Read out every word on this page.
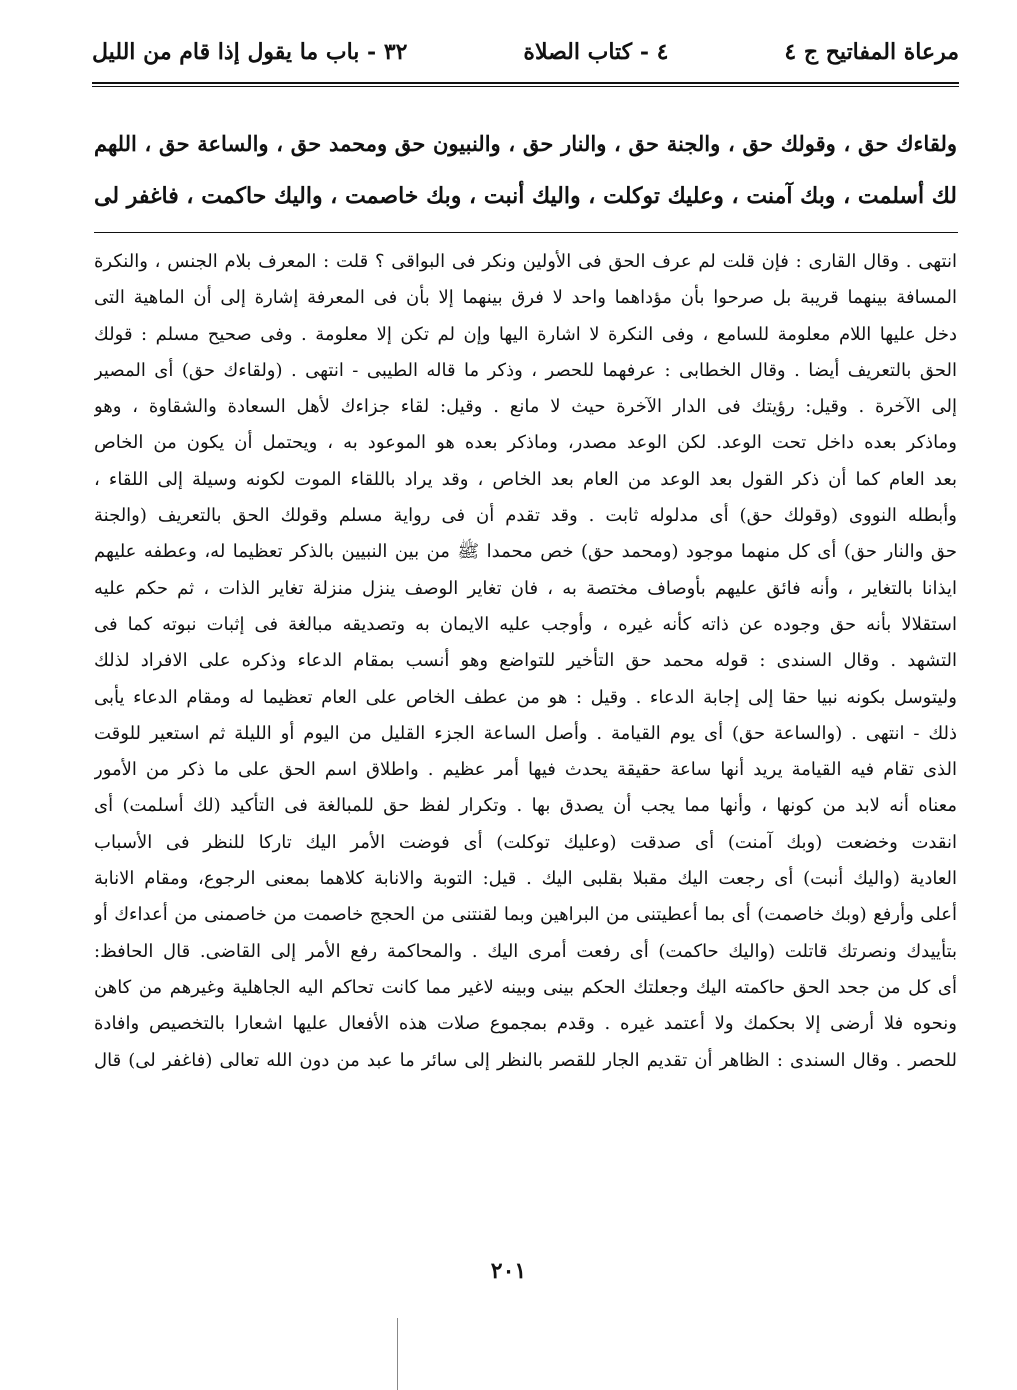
مرعاة المفاتيح ج ٤
٤ - كتاب الصلاة
٣٢ - باب ما يقول إذا قام من الليل
ولقاءك حق ، وقولك حق ، والجنة حق ، والنار حق ، والنبيون حق ومحمد حق ، والساعة حق ، اللهم
لك أسلمت ، وبك آمنت ، وعليك توكلت ، واليك أنبت ، وبك خاصمت ، واليك حاكمت ، فاغفر لى
انتهى . وقال القارى : فإن قلت لم عرف الحق فى الأولين ونكر فى البواقى ؟ قلت : المعرف بلام الجنس ، والنكرة
المسافة بينهما قريبة بل صرحوا بأن مؤداهما واحد لا فرق بينهما إلا بأن فى المعرفة إشارة إلى أن الماهية التى
دخل عليها اللام معلومة للسامع ، وفى النكرة لا اشارة اليها وإن لم تكن إلا معلومة . وفى صحيح مسلم : قولك
الحق بالتعريف أيضا . وقال الخطابى : عرفهما للحصر ، وذكر ما قاله الطيبى - انتهى . (ولقاءك حق) أى المصير
إلى الآخرة . وقيل: رؤيتك فى الدار الآخرة حيث لا مانع . وقيل: لقاء جزاءك لأهل السعادة والشقاوة ، وهو
وماذكر بعده داخل تحت الوعد. لكن الوعد مصدر، وماذكر بعده هو الموعود به ، ويحتمل أن يكون من الخاص
بعد العام كما أن ذكر القول بعد الوعد من العام بعد الخاص ، وقد يراد باللقاء الموت لكونه وسيلة إلى اللقاء ،
وأبطله النووى (وقولك حق) أى مدلوله ثابت . وقد تقدم أن فى رواية مسلم وقولك الحق بالتعريف (والجنة
حق والنار حق) أى كل منهما موجود (ومحمد حق) خص محمدا ﷺ من بين النبيين بالذكر تعظيما له، وعطفه عليهم
ايذانا بالتغاير ، وأنه فائق عليهم بأوصاف مختصة به ، فان تغاير الوصف ينزل منزلة تغاير الذات ، ثم حكم عليه
استقلالا بأنه حق وجوده عن ذاته كأنه غيره ، وأوجب عليه الايمان به وتصديقه مبالغة فى إثبات نبوته كما فى
التشهد . وقال السندى : قوله محمد حق التأخير للتواضع وهو أنسب بمقام الدعاء وذكره على الافراد لذلك
وليتوسل بكونه نبيا حقا إلى إجابة الدعاء . وقيل : هو من عطف الخاص على العام تعظيما له ومقام الدعاء يأبى
ذلك - انتهى . (والساعة حق) أى يوم القيامة . وأصل الساعة الجزء القليل من اليوم أو الليلة ثم استعير للوقت
الذى تقام فيه القيامة يريد أنها ساعة حقيقة يحدث فيها أمر عظيم . واطلاق اسم الحق على ما ذكر من الأمور
معناه أنه لابد من كونها ، وأنها مما يجب أن يصدق بها . وتكرار لفظ حق للمبالغة فى التأكيد (لك أسلمت) أى
انقدت وخضعت (وبك آمنت) أى صدقت (وعليك توكلت) أى فوضت الأمر اليك تاركا للنظر فى الأسباب
العادية (واليك أنبت) أى رجعت اليك مقبلا بقلبى اليك . قيل: التوبة والانابة كلاهما بمعنى الرجوع، ومقام الانابة
أعلى وأرفع (وبك خاصمت) أى بما أعطيتنى من البراهين وبما لقنتنى من الحجج خاصمت من خاصمنى من أعداءك أو
بتأييدك ونصرتك قاتلت (واليك حاكمت) أى رفعت أمرى اليك . والمحاكمة رفع الأمر إلى القاضى. قال الحافظ:
أى كل من جحد الحق حاكمته اليك وجعلتك الحكم بينى وبينه لاغير مما كانت تحاكم اليه الجاهلية وغيرهم من كاهن
ونحوه فلا أرضى إلا بحكمك ولا أعتمد غيره . وقدم بمجموع صلات هذه الأفعال عليها اشعارا بالتخصيص وافادة
للحصر . وقال السندى : الظاهر أن تقديم الجار للقصر بالنظر إلى سائر ما عبد من دون الله تعالى (فاغفر لى) قال
٢٠١
